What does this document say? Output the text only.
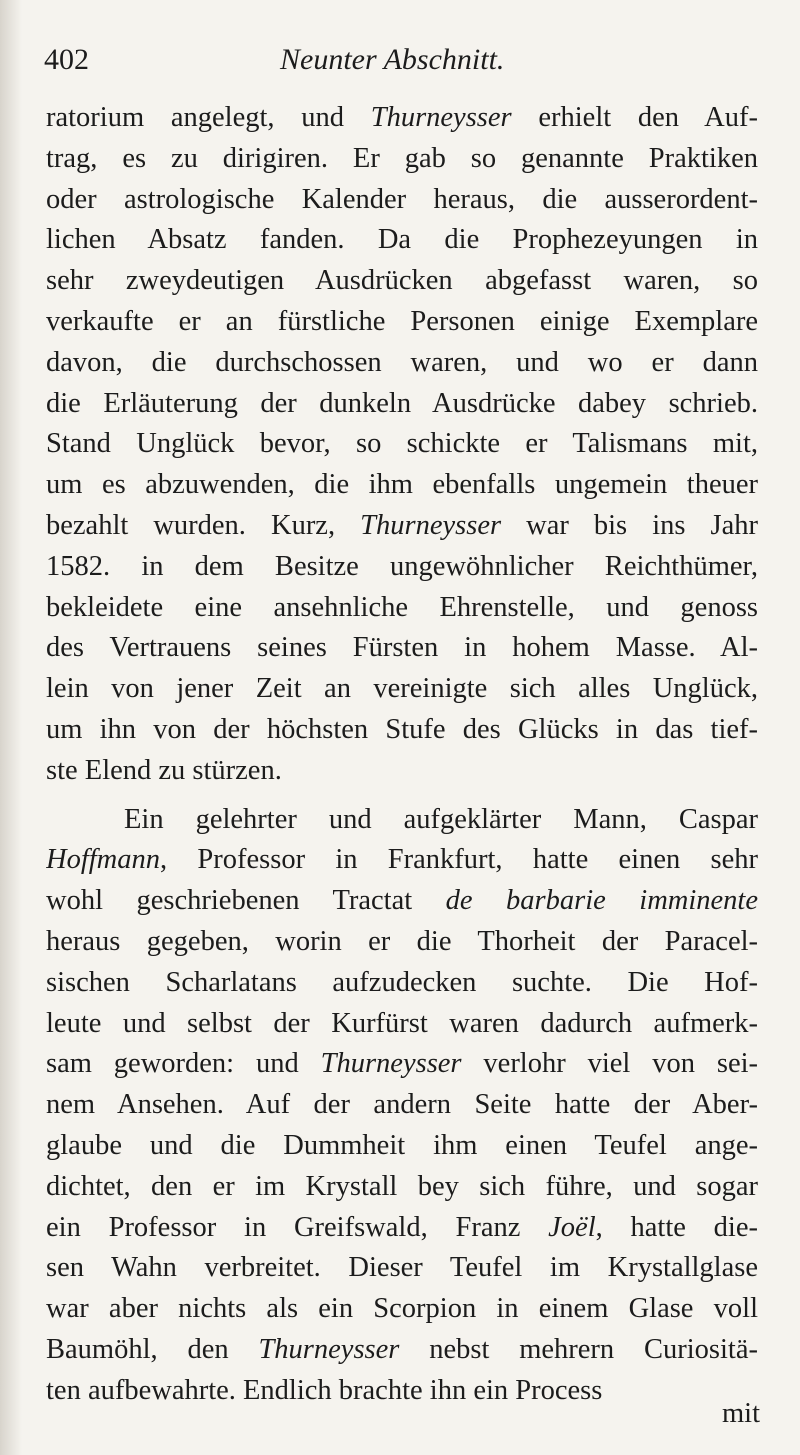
402	Neunter Abschnitt.
ratorium angelegt, und Thurneysser erhielt den Auf-
trag, es zu dirigiren. Er gab so genannte Praktiken
oder astrologische Kalender heraus, die ausserordent-
lichen Absatz fanden. Da die Prophezeyungen in
sehr zweydeutigen Ausdrücken abgefasst waren, so
verkaufte er an fürstliche Personen einige Exemplare
davon, die durchschossen waren, und wo er dann
die Erläuterung der dunkeln Ausdrücke dabey schrieb.
Stand Unglück bevor, so schickte er Talismans mit,
um es abzuwenden, die ihm ebenfalls ungemein theuer
bezahlt wurden. Kurz, Thurneysser war bis ins Jahr
1582. in dem Besitze ungewöhnlicher Reichthümer,
bekleidete eine ansehnliche Ehrenstelle, und genoss
des Vertrauens seines Fürsten in hohem Masse. Al-
lein von jener Zeit an vereinigte sich alles Unglück,
um ihn von der höchsten Stufe des Glücks in das tief-
ste Elend zu stürzen.
Ein gelehrter und aufgeklärter Mann, Caspar
Hoffmann, Professor in Frankfurt, hatte einen sehr
wohl geschriebenen Tractat de barbarie imminente
heraus gegeben, worin er die Thorheit der Paracel-
sischen Scharlatans aufzudecken suchte. Die Hof-
leute und selbst der Kurfürst waren dadurch aufmerk-
sam geworden: und Thurneysser verlohr viel von sei-
nem Ansehen. Auf der andern Seite hatte der Aber-
glaube und die Dummheit ihm einen Teufel ange-
dichtet, den er im Krystall bey sich führe, und sogar
ein Professor in Greifswald, Franz Joël, hatte die-
sen Wahn verbreitet. Dieser Teufel im Krystallglase
war aber nichts als ein Scorpion in einem Glase voll
Baumöhl, den Thurneysser nebst mehrern Curiositä-
ten aufbewahrte. Endlich brachte ihn ein Process
mit
